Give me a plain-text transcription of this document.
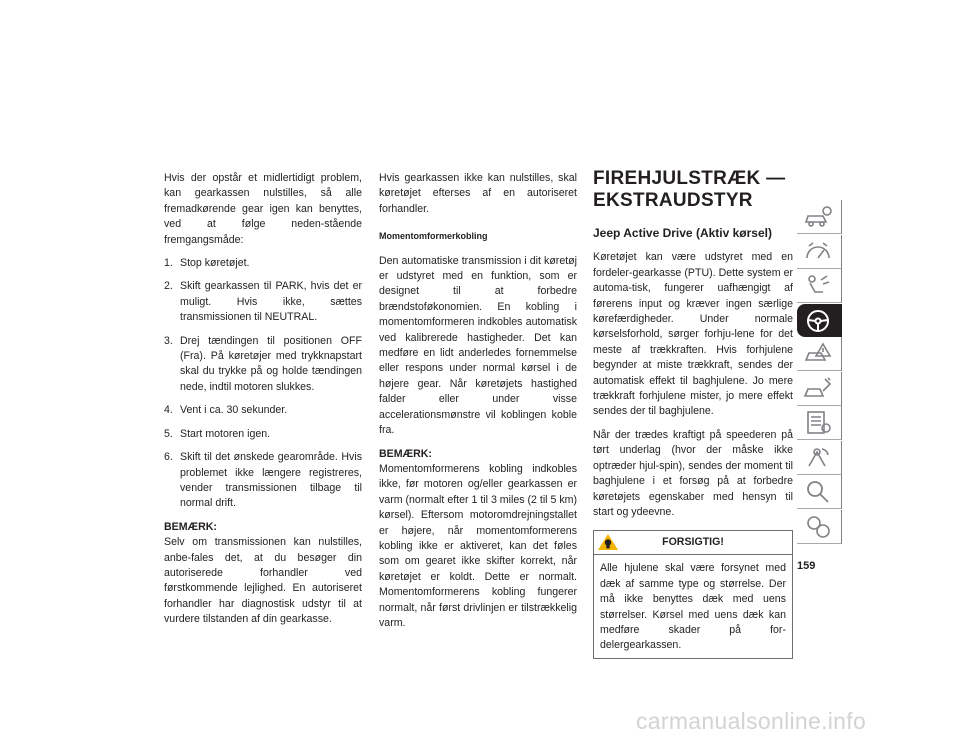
Hvis der opstår et midlertidigt problem, kan gearkassen nulstilles, så alle fremadkørende gear igen kan benyttes, ved at følge neden-stående fremgangsmåde:

1. Stop køretøjet.
2. Skift gearkassen til PARK, hvis det er muligt. Hvis ikke, sættes transmissionen til NEUTRAL.
3. Drej tændingen til positionen OFF (Fra). På køretøjer med trykknapstart skal du trykke på og holde tændingen nede, indtil motoren slukkes.
4. Vent i ca. 30 sekunder.
5. Start motoren igen.
6. Skift til det ønskede gearområde. Hvis problemet ikke længere registreres, vender transmissionen tilbage til normal drift.

BEMÆRK:

Selv om transmissionen kan nulstilles, anbe-fales det, at du besøger din autoriserede forhandler ved førstkommende lejlighed. En autoriseret forhandler har diagnostisk udstyr til at vurdere tilstanden af din gearkasse.

Hvis gearkassen ikke kan nulstilles, skal køretøjet efterses af en autoriseret forhandler.

Momentomformerkobling

Den automatiske transmission i dit køretøj er udstyret med en funktion, som er designet til at forbedre brændstoføkonomien. En kobling i momentomformeren indkobles automatisk ved kalibrerede hastigheder. Det kan medføre en lidt anderledes fornemmelse eller respons under normal kørsel i de højere gear. Når køretøjets hastighed falder eller under visse accelerationsmønstre vil koblingen koble fra.

BEMÆRK:

Momentomformerens kobling indkobles ikke, før motoren og/eller gearkassen er varm (normalt efter 1 til 3 miles (2 til 5 km) kørsel). Eftersom motoromdrejningstallet er højere, når momentomformerens kobling ikke er aktiveret, kan det føles som om gearet ikke skifter korrekt, når køretøjet er koldt. Dette er normalt. Momentomformerens kobling fungerer normalt, når først drivlinjen er tilstrækkelig varm.

FIREHJULSTRÆK —
EKSTRAUDSTYR
Jeep Active Drive (Aktiv kørsel)

Køretøjet kan være udstyret med en fordeler-gearkasse (PTU). Dette system er automa-tisk, fungerer uafhængigt af førerens input og kræver ingen særlige kørefærdigheder. Under normale kørselsforhold, sørger forhju-lene for det meste af trækkraften. Hvis forhjulene begynder at miste trækkraft, sendes der automatisk effekt til baghjulene. Jo mere trækkraft forhjulene mister, jo mere effekt sendes der til baghjulene.

Når der trædes kraftigt på speederen på tørt underlag (hvor der måske ikke optræder hjul-spin), sendes der moment til baghjulene i et forsøg på at forbedre køretøjets egenskaber med hensyn til start og ydeevne.

FORSIGTIG!

Alle hjulene skal være forsynet med dæk af samme type og størrelse. Der må ikke benyttes dæk med uens størrelser. Kørsel med uens dæk kan medføre skader på for-delergearkassen.

159
carmanualsonline.info
